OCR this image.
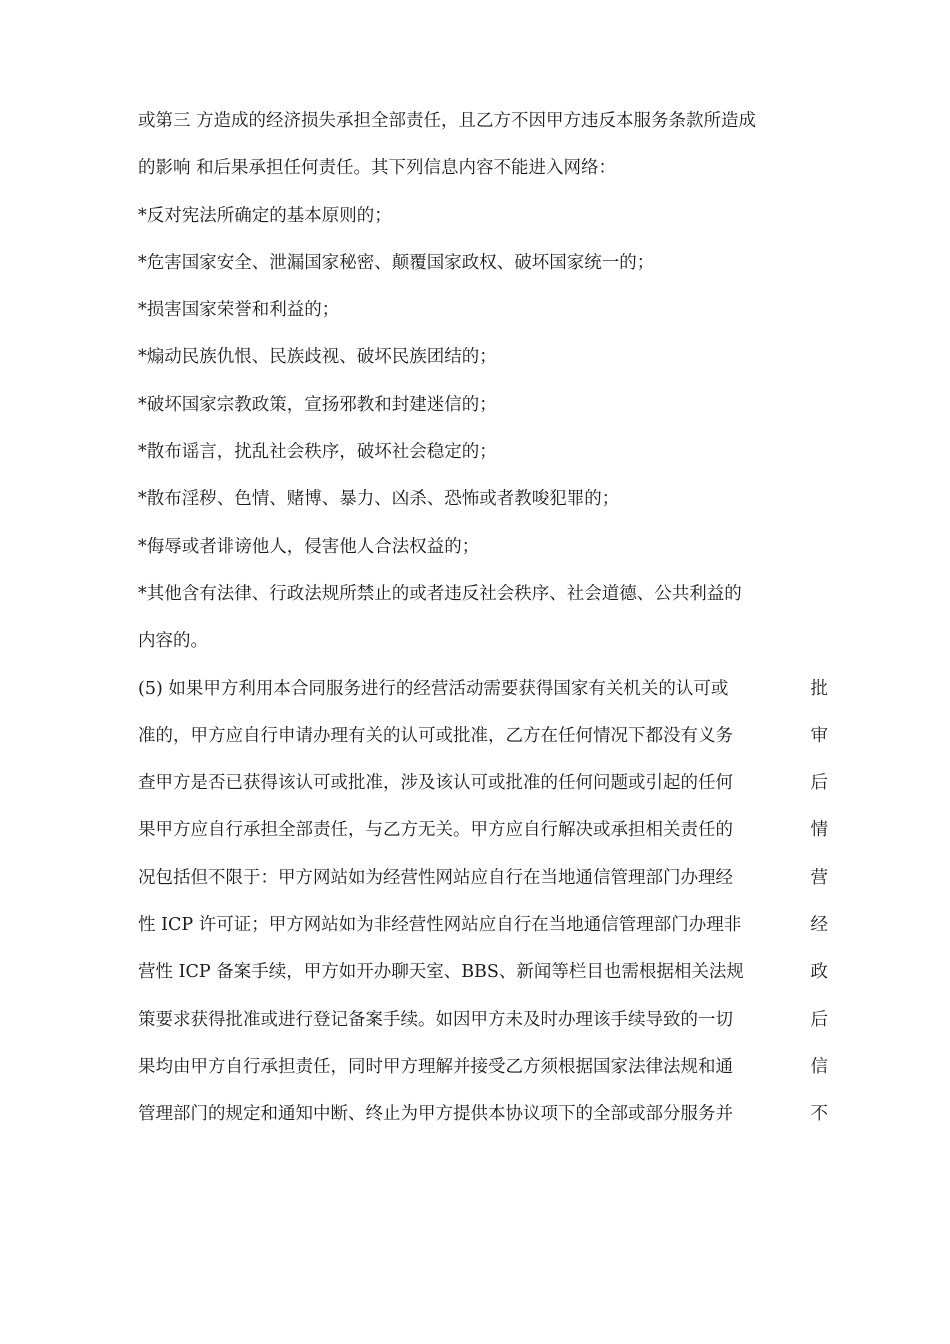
或第三 方造成的经济损失承担全部责任，且乙方不因甲方违反本服务条款所造成
的影响 和后果承担任何责任。其下列信息内容不能进入网络：
*反对宪法所确定的基本原则的；
*危害国家安全、泄漏国家秘密、颠覆国家政权、破坏国家统一的；
*损害国家荣誉和利益的；
*煽动民族仇恨、民族歧视、破坏民族团结的；
*破坏国家宗教政策，宣扬邪教和封建迷信的；
*散布谣言，扰乱社会秩序，破坏社会稳定的；
*散布淫秽、色情、赌博、暴力、凶杀、恐怖或者教唆犯罪的；
*侮辱或者诽谤他人，侵害他人合法权益的；
*其他含有法律、行政法规所禁止的或者违反社会秩序、社会道德、公共利益的
内容的。
(5) 如果甲方利用本合同服务进行的经营活动需要获得国家有关机关的认可或	批
准的，甲方应自行申请办理有关的认可或批准，乙方在任何情况下都没有义务	审
查甲方是否已获得该认可或批准，涉及该认可或批准的任何问题或引起的任何	后
果甲方应自行承担全部责任，与乙方无关。甲方应自行解决或承担相关责任的	情
况包括但不限于：甲方网站如为经营性网站应自行在当地通信管理部门办理经	营
性 ICP 许可证；甲方网站如为非经营性网站应自行在当地通信管理部门办理非	经
营性 ICP 备案手续，甲方如开办聊天室、BBS、新闻等栏目也需根据相关法规	政
策要求获得批准或进行登记备案手续。如因甲方未及时办理该手续导致的一切	后
果均由甲方自行承担责任，同时甲方理解并接受乙方须根据国家法律法规和通	信
管理部门的规定和通知中断、终止为甲方提供本协议项下的全部或部分服务并	不
